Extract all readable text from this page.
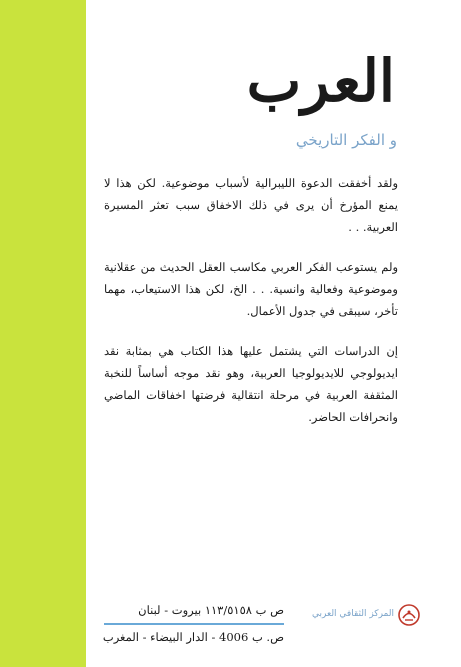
العرب
و الفكر التاريخي

ولقد أخفقت الدعوة الليبرالية لأسباب موضوعية. لكن هذا لا يمنع المؤرخ أن يرى في ذلك الاخفاق سبب تعثر المسيرة العربية. . .

ولم يستوعب الفكر العربي مكاسب العقل الحديث من عقلانية وموضوعية وفعالية وانسية. . . الخ، لكن هذا الاستيعاب، مهما تأخر، سيبقى في جدول الأعمال.

إن الدراسات التي يشتمل عليها هذا الكتاب هي بمثابة نقد ايديولوجي للايديولوجيا العربية، وهو نقد موجه أساساً للنخبة المثقفة العربية في مرحلة انتقالية فرضتها اخفاقات الماضي وانحرافات الحاضر.

ص ب ١١٣/٥١٥٨ بيروت - لبنان
ص. ب 4006 - الدار البيضاء - المغرب
المركز الثقافي العربي
